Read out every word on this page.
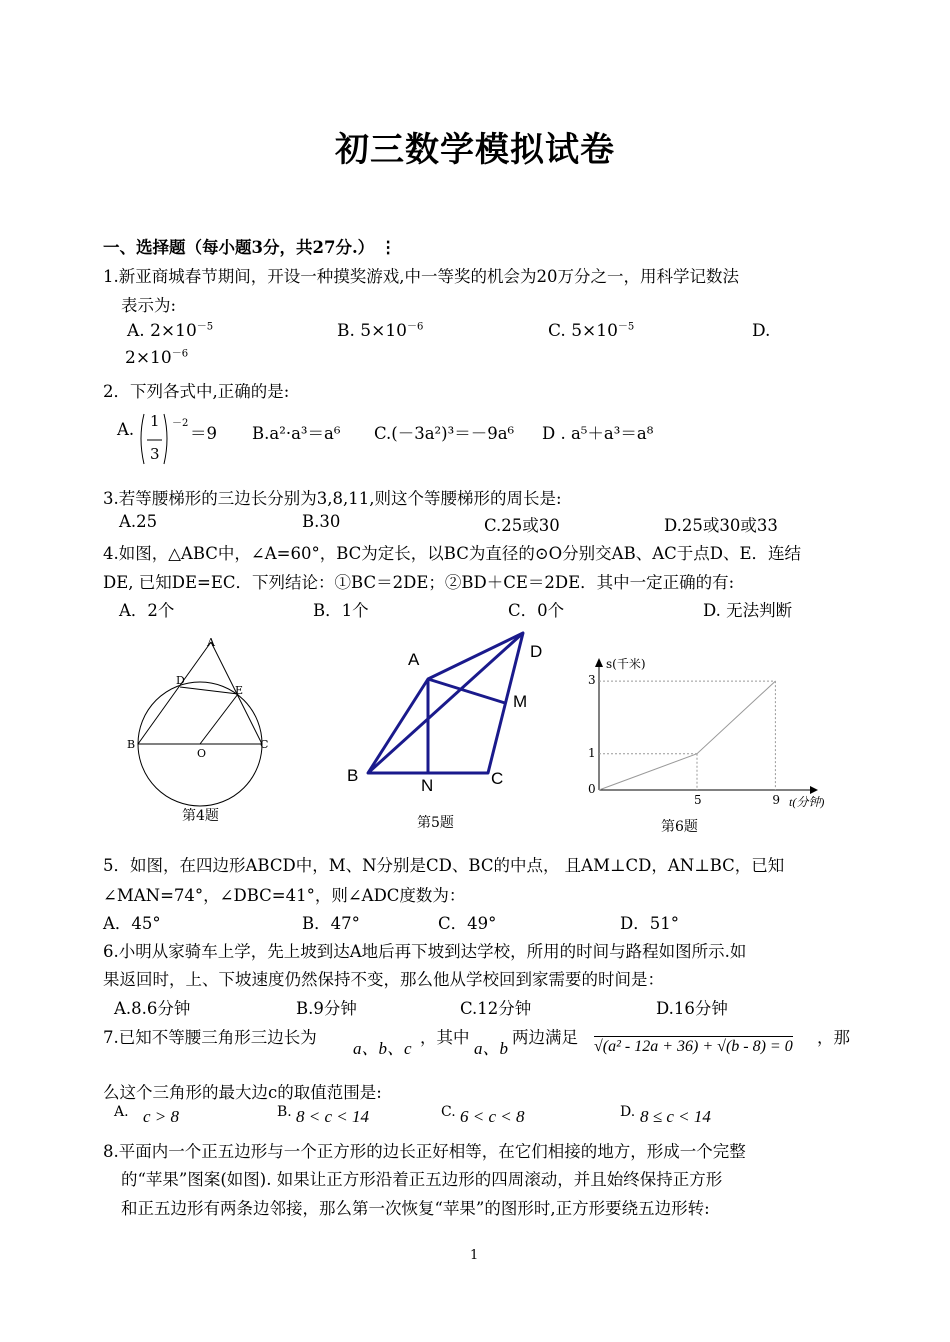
初三数学模拟试卷
一、选择题（每小题3分，共27分.） ⋮
1.新亚商城春节期间，开设一种摸奖游戏,中一等奖的机会为20万分之一，用科学记数法
表示为:
A. $2\times 10^{-5}$	B. $5\times 10^{-6}$	C. $5\times 10^{-5}$	D.
$2\times 10^{-6}$
2．下列各式中,正确的是:
A. 1
3
－2
＝9 B.a²·a³＝a⁶ C.(－3a²)³＝－9a⁶ D . a⁵＋a³＝a⁸
3.若等腰梯形的三边长分别为3,8,11,则这个等腰梯形的周长是:
A.25	B.30	C.25或30	D.25或30或33
4.如图，△ABC中，∠A=60°，BC为定长，以BC为直径的⊙O分别交AB、AC于点D、E．连结
DE, 已知DE=EC．下列结论：①BC＝2DE；②BD＋CE＝2DE．其中一定正确的有:
A．2个	B．1个	C．0个	D. 无法判断
A
D
E
B
O
C
第4题
A	D
M
B
N	C
第5题
s(千米)
t(分钟)
3
1
0
5	9
第6题
5．如图，在四边形ABCD中，M、N分别是CD、BC的中点， 且AM⊥CD，AN⊥BC，已知
∠MAN=74°，∠DBC=41°，则∠ADC度数为：
A．45°	B．47°	C．49°	D．51°
6.小明从家骑车上学，先上坡到达A地后再下坡到达学校，所用的时间与路程如图所示.如
果返回时，上、下坡速度仍然保持不变，那么他从学校回到家需要的时间是：
A.8.6分钟	B.9分钟	C.12分钟	D.16分钟
7.已知不等腰三角形三边长为
a、b、c
，其中
a、b
两边满足 √(a² - 12a + 36) + √(b - 8) = 0 ，那
么这个三角形的最大边c的取值范围是:
A. c > 8	B. 8 < c < 14	C. 6 < c < 8	D. 8 ≤ c < 14
8.平面内一个正五边形与一个正方形的边长正好相等，在它们相接的地方，形成一个完整
的“苹果”图案(如图). 如果让正方形沿着正五边形的四周滚动，并且始终保持正方形
和正五边形有两条边邻接，那么第一次恢复“苹果”的图形时,正方形要绕五边形转:
1
